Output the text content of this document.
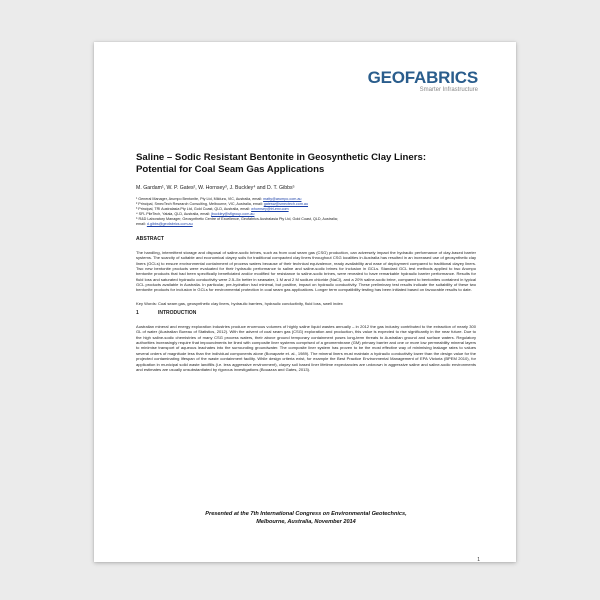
GEOFABRICS
Smarter Infrastructure
Saline – Sodic Resistant Bentonite in Geosynthetic Clay Liners: Potential for Coal Seam Gas Applications
M. Gardam¹, W. P. Gates², W. Hornsey³, J. Buckley⁴ and D. T. Gibbs⁵
¹ General Manager, Arumpo Bentonite, Pty Ltd, Mildura, VIC, Australia, email: matty@arumpo.com.au
² Principal, SmecTech Research Consulting, Melbourne, VIC, Australia, email: gatesw@smectech.com.au
³ Principal, TRI Australasia Pty Ltd, Gold Coast, QLD, Australia, email: whornsey@tri-env.com
⁴ SFL PileTech, Yatala, QLD, Australia, email: jbuckley@sflgroup.com.au
⁵ R&D Laboratory Manager, Geosynthetic Centre of Excellence, Geofabrics Australasia Pty Ltd, Gold Coast, QLD, Australia;
email: d.gibbs@geofabrics.com.au
ABSTRACT
The handling, intermittent storage and disposal of saline-sodic brines, such as from coal seam gas (CSG) production, can adversely impact the hydraulic performance of clay-based barrier systems. The scarcity of suitable and economical clayey soils for traditional compacted clay liners throughout CSG localities in Australia has resulted in an increased use of geosynthetic clay liners (GCLs) to ensure environmental containment of process waters because of their technical equivalence, ready availability and ease of deployment compared to traditional clayey liners. Two new bentonite products were evaluated for their hydraulic performance to saline and saline-sodic brines for inclusion in GCLs. Standard GCL test methods applied to two Arumpo bentonite products that had been specifically beneficiated and/or modified for resistance to saline-sodic brines, were revealed to have remarkable hydraulic barrier performance. Results for fluid loss and saturated hydraulic conductivity were 2.5–5x better in seawater, 1 M and 2 M sodium chloride (NaCl), and a 20% saline-sodic brine, compared to bentonites contained in typical GCL products available in Australia. In particular, pre-hydration had minimal, but positive, impact on hydraulic conductivity. These preliminary test results indicate the suitability of these two bentonite products for inclusion in GCLs for environmental protection in coal seam gas applications. Longer term compatibility testing has been initiated based on favourable results to date.
Key Words: Coal seam gas, geosynthetic clay liners, hydraulic barriers, hydraulic conductivity, fluid loss, swell index
1	INTRODUCTION
Australian mineral and energy exploration industries produce enormous volumes of highly saline liquid wastes annually – in 2012 the gas industry contributed to the extraction of nearly 300 GL of water (Australian Bureau of Statistics, 2012). With the advent of coal seam gas (CSG) exploration and production, this value is expected to rise significantly in the near future. Due to the high saline-sodic chemistries of many CSG process waters, their above ground temporary containment poses long-term threats to Australian ground and surface waters. Regulatory authorities increasingly require that impoundments be lined with composite liner systems comprised of a geomembrane (GM) primary barrier and one or more low permeability mineral layers to minimise transport of aqueous leachates into the surrounding groundwater. The composite liner system has proven to be the most effective way of minimising leakage rates to values several orders of magnitude less than the individual components alone (Bonaparte et. al., 1989). The mineral liners must maintain a hydraulic conductivity lower than the design value for the projected contaminating lifespan of the waste containment facility. While design criteria exist, for example the Best Practice Environmental Management of EPA Victoria (BPEM 2010), for application in municipal solid waste landfills (i.e. less aggressive environment), clayey soil based liner lifetime expectancies are unknown in aggressive saline and saline-sodic environments and estimates are usually unsubstantiated by rigorous investigations (Bouazza and Gates, 2013).
Presented at the 7th International Congress on Environmental Geotechnics,
Melbourne, Australia, November 2014
1
